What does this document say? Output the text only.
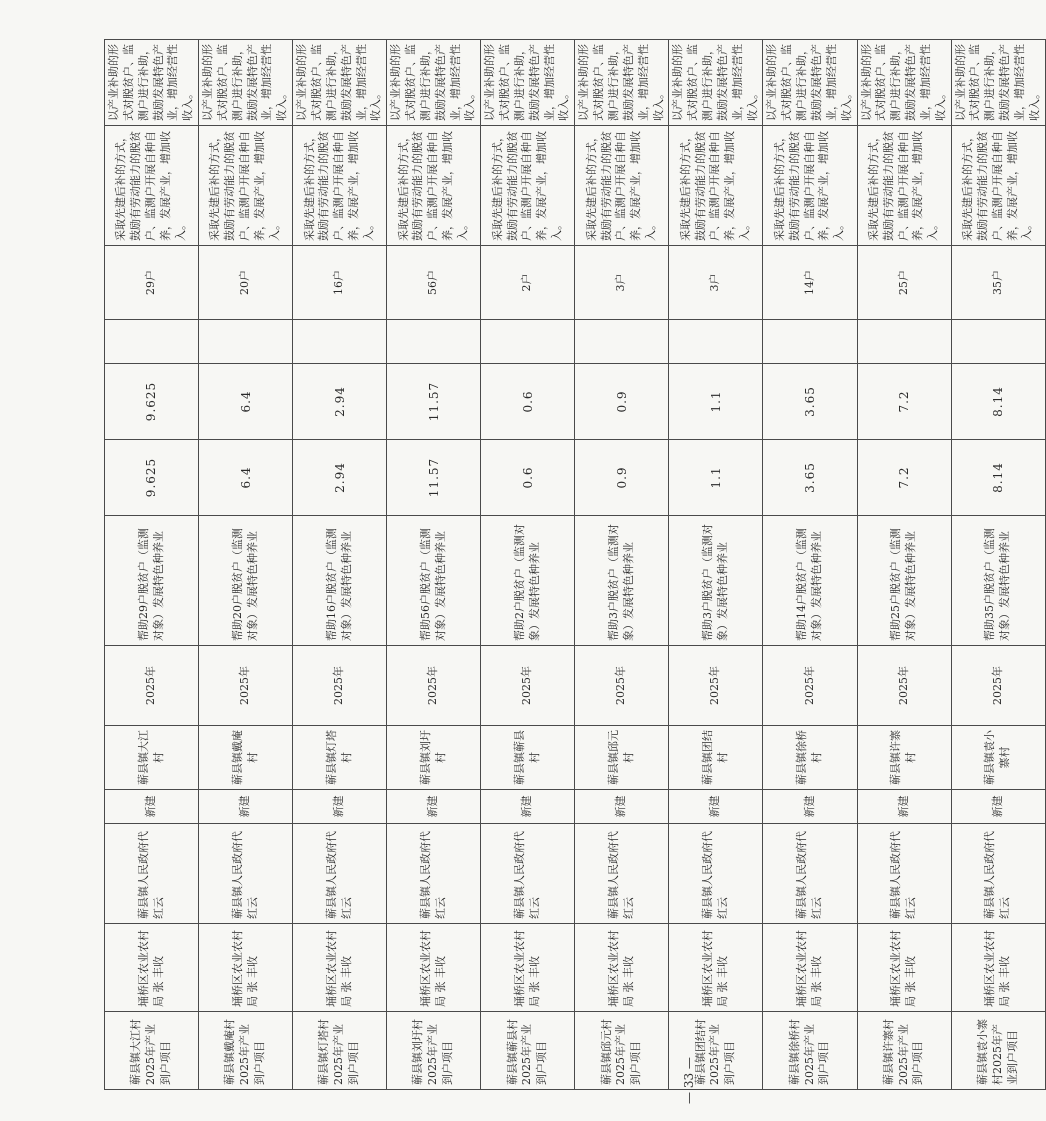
蕲县镇大江村2025年产业到户项目	埇桥区农业农村局 张 丰收	蕲县镇人民政府代红云	新建	蕲县镇大江村	2025年	帮助29户脱贫户（监测对象）发展特色种养业	9.625	9.625		29户	采取先建后补的方式，鼓励有劳动能力的脱贫户、监测户开展自种自养，发展产业，增加收入。	以产业补助的形式对脱贫户、监测户进行补助，鼓励发展特色产业，增加经营性收入。
蕲县镇戴庵村2025年产业到户项目	埇桥区农业农村局 张 丰收	蕲县镇人民政府代红云	新建	蕲县镇戴庵村	2025年	帮助20户脱贫户（监测对象）发展特色种养业	6.4	6.4		20户	采取先建后补的方式，鼓励有劳动能力的脱贫户、监测户开展自种自养，发展产业，增加收入。	以产业补助的形式对脱贫户、监测户进行补助，鼓励发展特色产业，增加经营性收入。
蕲县镇灯塔村2025年产业到户项目	埇桥区农业农村局 张 丰收	蕲县镇人民政府代红云	新建	蕲县镇灯塔村	2025年	帮助16户脱贫户（监测对象）发展特色种养业	2.94	2.94		16户	采取先建后补的方式，鼓励有劳动能力的脱贫户、监测户开展自种自养，发展产业，增加收入。	以产业补助的形式对脱贫户、监测户进行补助，鼓励发展特色产业，增加经营性收入。
蕲县镇刘圩村2025年产业到户项目	埇桥区农业农村局 张 丰收	蕲县镇人民政府代红云	新建	蕲县镇刘圩村	2025年	帮助56户脱贫户（监测对象）发展特色种养业	11.57	11.57		56户	采取先建后补的方式，鼓励有劳动能力的脱贫户、监测户开展自种自养，发展产业，增加收入。	以产业补助的形式对脱贫户、监测户进行补助，鼓励发展特色产业，增加经营性收入。
蕲县镇蕲县村2025年产业到户项目	埇桥区农业农村局 张 丰收	蕲县镇人民政府代红云	新建	蕲县镇蕲县村	2025年	帮助2户脱贫户（监测对象）发展特色种养业	0.6	0.6		2户	采取先建后补的方式，鼓励有劳动能力的脱贫户、监测户开展自种自养，发展产业，增加收入。	以产业补助的形式对脱贫户、监测户进行补助，鼓励发展特色产业，增加经营性收入。
蕲县镇邱元村2025年产业到户项目	埇桥区农业农村局 张 丰收	蕲县镇人民政府代红云	新建	蕲县镇邱元村	2025年	帮助3户脱贫户（监测对象）发展特色种养业	0.9	0.9		3户	采取先建后补的方式，鼓励有劳动能力的脱贫户、监测户开展自种自养，发展产业，增加收入。	以产业补助的形式对脱贫户、监测户进行补助，鼓励发展特色产业，增加经营性收入。
蕲县镇团结村2025年产业到户项目	埇桥区农业农村局 张 丰收	蕲县镇人民政府代红云	新建	蕲县镇团结村	2025年	帮助3户脱贫户（监测对象）发展特色种养业	1.1	1.1		3户	采取先建后补的方式，鼓励有劳动能力的脱贫户、监测户开展自种自养，发展产业，增加收入。	以产业补助的形式对脱贫户、监测户进行补助，鼓励发展特色产业，增加经营性收入。
蕲县镇徐桥村2025年产业到户项目	埇桥区农业农村局 张 丰收	蕲县镇人民政府代红云	新建	蕲县镇徐桥村	2025年	帮助14户脱贫户（监测对象）发展特色种养业	3.65	3.65		14户	采取先建后补的方式，鼓励有劳动能力的脱贫户、监测户开展自种自养，发展产业，增加收入。	以产业补助的形式对脱贫户、监测户进行补助，鼓励发展特色产业，增加经营性收入。
蕲县镇许寨村2025年产业到户项目	埇桥区农业农村局 张 丰收	蕲县镇人民政府代红云	新建	蕲县镇许寨村	2025年	帮助25户脱贫户（监测对象）发展特色种养业	7.2	7.2		25户	采取先建后补的方式，鼓励有劳动能力的脱贫户、监测户开展自种自养，发展产业，增加收入。	以产业补助的形式对脱贫户、监测户进行补助，鼓励发展特色产业，增加经营性收入。
蕲县镇袁小寨村2025年产业到户项目	埇桥区农业农村局 张 丰收	蕲县镇人民政府代红云	新建	蕲县镇袁小寨村	2025年	帮助35户脱贫户（监测对象）发展特色种养业	8.14	8.14		35户	采取先建后补的方式，鼓励有劳动能力的脱贫户、监测户开展自种自养，发展产业，增加收入。	以产业补助的形式对脱贫户、监测户进行补助，鼓励发展特色产业，增加经营性收入。
— 33 —
